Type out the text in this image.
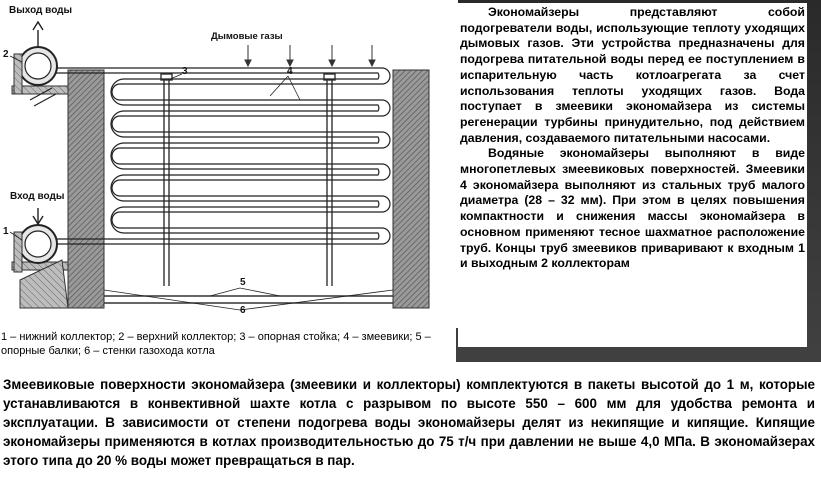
Выход воды
Дымовые газы
Вход воды
1
2
3	4
5
6
1 – нижний коллектор; 2 – верхний коллектор; 3 – опорная стойка; 4 – змеевики; 5 – опорные балки; 6 – стенки газохода котла

Экономайзеры представляют собой подогреватели воды, использующие теплоту уходящих дымовых газов. Эти устройства предназначены для подогрева питательной воды перед ее поступлением в испарительную часть котлоагрегата за счет использования теплоты уходящих газов. Вода поступает в змеевики экономайзера из системы регенерации турбины принудительно, под действием давления, создаваемого питательными насосами.

Водяные экономайзеры выполняют в виде многопетлевых змеевиковых поверхностей. Змеевики 4 экономайзера выполняют из стальных труб малого диаметра (28 – 32 мм). При этом в целях повышения компактности и снижения массы экономайзера в основном применяют тесное шахматное расположение труб. Концы труб змеевиков приваривают к входным 1 и выходным 2 коллекторам

Змеевиковые поверхности экономайзера (змеевики и коллекторы) комплектуются в пакеты высотой до 1 м, которые устанавливаются в конвективной шахте котла с разрывом по высоте 550 – 600 мм для удобства ремонта и эксплуатации. В зависимости от степени подогрева воды экономайзеры делят из некипящие и кипящие. Кипящие экономайзеры применяются в котлах производительностью до 75 т/ч при давлении не выше 4,0 МПа. В экономайзерах этого типа до 20 % воды может превращаться в пар.
